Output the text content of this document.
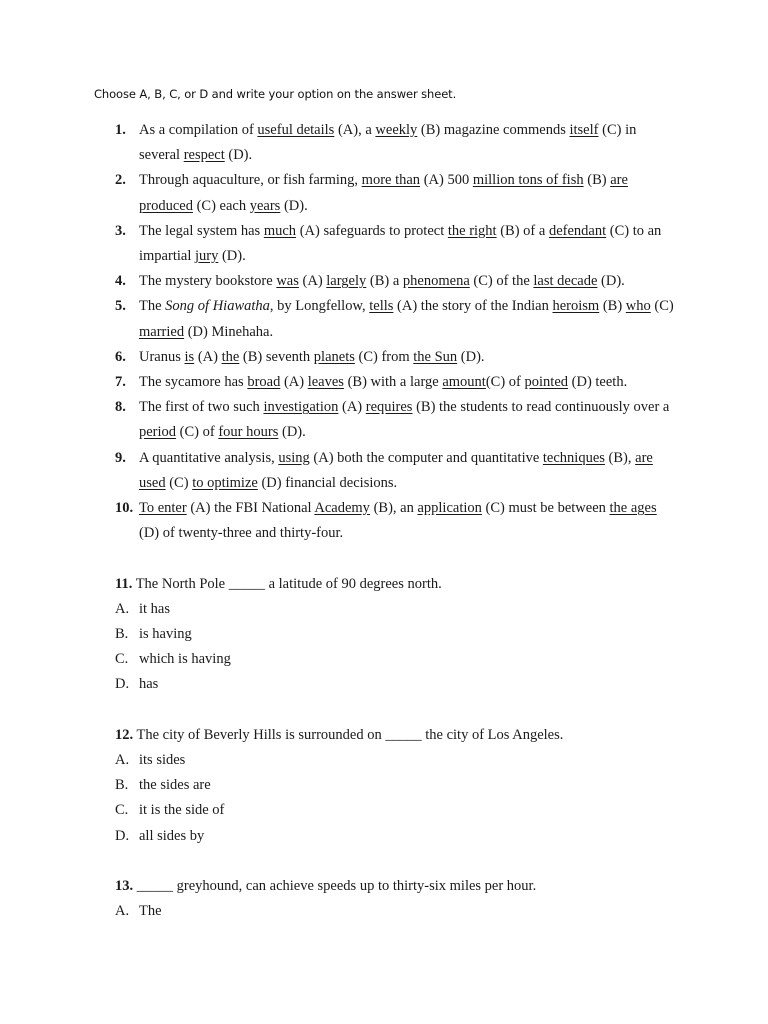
Choose A, B, C, or D and write your option on the answer sheet.
1. As a compilation of useful details (A), a weekly (B) magazine commends itself (C) in several respect (D).
2. Through aquaculture, or fish farming, more than (A) 500 million tons of fish (B) are produced (C) each years (D).
3. The legal system has much (A) safeguards to protect the right (B) of a defendant (C) to an impartial jury (D).
4. The mystery bookstore was (A) largely (B) a phenomena (C) of the last decade (D).
5. The Song of Hiawatha, by Longfellow, tells (A) the story of the Indian heroism (B) who (C) married (D) Minehaha.
6. Uranus is (A) the (B) seventh planets (C) from the Sun (D).
7. The sycamore has broad (A) leaves (B) with a large amount(C) of pointed (D) teeth.
8. The first of two such investigation (A) requires (B) the students to read continuously over a period (C) of four hours (D).
9. A quantitative analysis, using (A) both the computer and quantitative techniques (B), are used (C) to optimize (D) financial decisions.
10. To enter (A) the FBI National Academy (B), an application (C) must be between the ages (D) of twenty-three and thirty-four.
11. The North Pole _____ a latitude of 90 degrees north.
A. it has
B. is having
C. which is having
D. has
12. The city of Beverly Hills is surrounded on _____ the city of Los Angeles.
A. its sides
B. the sides are
C. it is the side of
D. all sides by
13. _____ greyhound, can achieve speeds up to thirty-six miles per hour.
A. The
